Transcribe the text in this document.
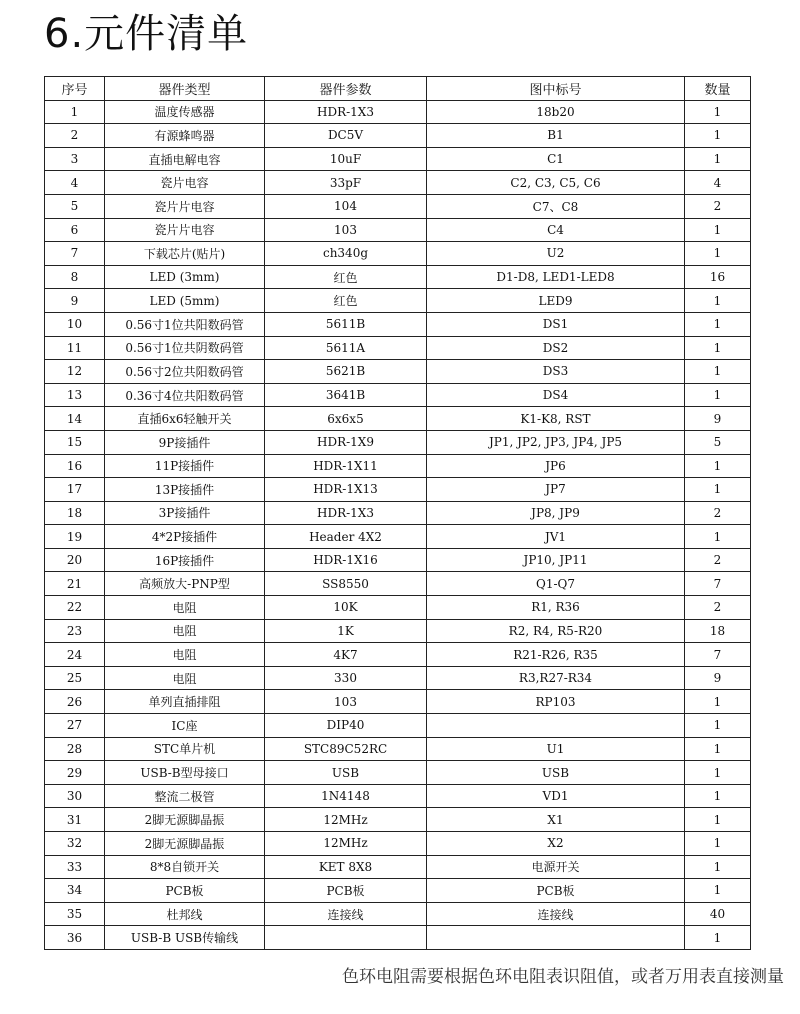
6.元件清单
序号	器件类型	器件参数	图中标号	数量
1	温度传感器	HDR-1X3	18b20	1
2	有源蜂鸣器	DC5V	B1	1
3	直插电解电容	10uF	C1	1
4	瓷片电容	33pF	C2, C3, C5, C6	4
5	瓷片片电容	104	C7、C8	2
6	瓷片片电容	103	C4	1
7	下载芯片(贴片)	ch340g	U2	1
8	LED (3mm)	红色	D1-D8, LED1-LED8	16
9	LED (5mm)	红色	LED9	1
10	0.56寸1位共阳数码管	5611B	DS1	1
11	0.56寸1位共阴数码管	5611A	DS2	1
12	0.56寸2位共阳数码管	5621B	DS3	1
13	0.36寸4位共阳数码管	3641B	DS4	1
14	直插6x6轻触开关	6x6x5	K1-K8, RST	9
15	9P接插件	HDR-1X9	JP1, JP2, JP3, JP4, JP5	5
16	11P接插件	HDR-1X11	JP6	1
17	13P接插件	HDR-1X13	JP7	1
18	3P接插件	HDR-1X3	JP8, JP9	2
19	4*2P接插件	Header 4X2	JV1	1
20	16P接插件	HDR-1X16	JP10, JP11	2
21	高频放大-PNP型	SS8550	Q1-Q7	7
22	电阻	10K	R1, R36	2
23	电阻	1K	R2, R4, R5-R20	18
24	电阻	4K7	R21-R26, R35	7
25	电阻	330	R3,R27-R34	9
26	单列直插排阻	103	RP103	1
27	IC座	DIP40		1
28	STC单片机	STC89C52RC	U1	1
29	USB-B型母接口	USB	USB	1
30	整流二极管	1N4148	VD1	1
31	2脚无源脚晶振	12MHz	X1	1
32	2脚无源脚晶振	12MHz	X2	1
33	8*8自锁开关	KET 8X8	电源开关	1
34	PCB板	PCB板	PCB板	1
35	杜邦线	连接线	连接线	40
36	USB-B USB传输线			1
色环电阻需要根据色环电阻表识阻值，或者万用表直接测量
